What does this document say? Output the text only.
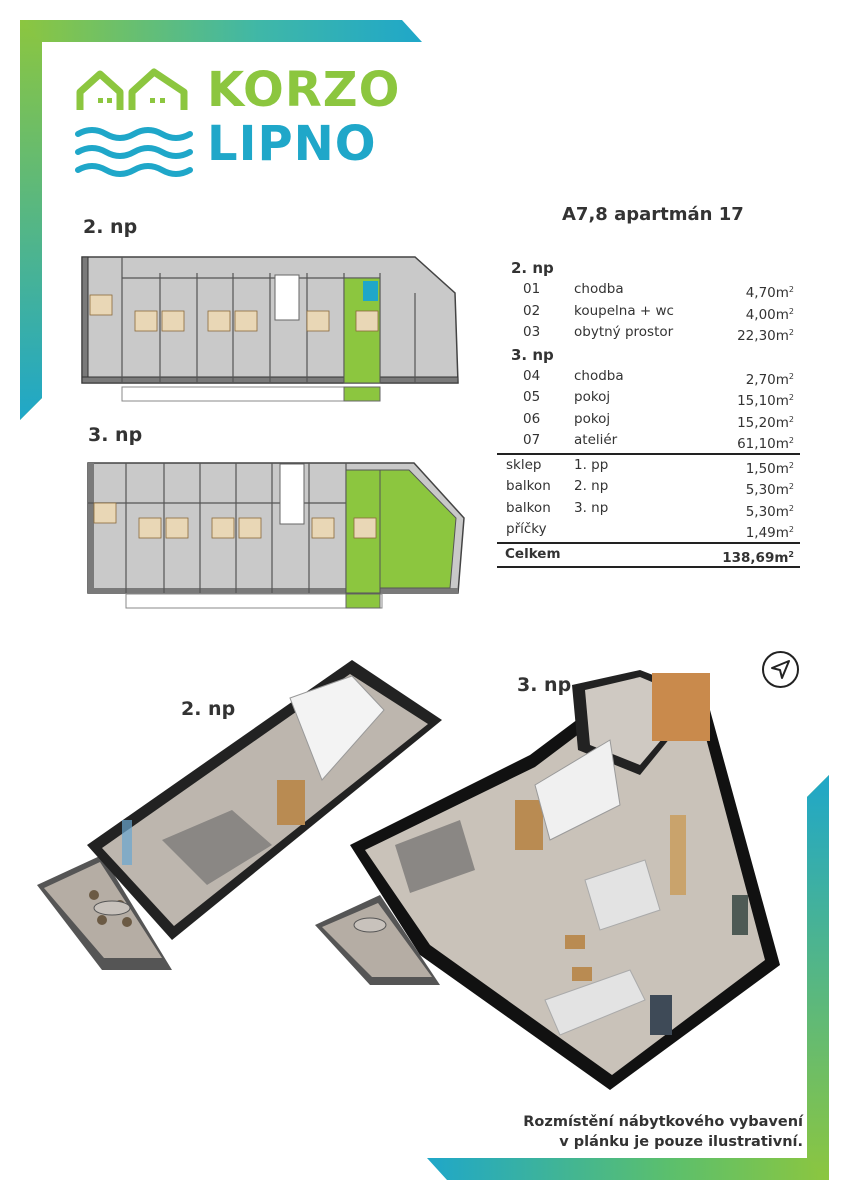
KORZO
LIPNO
2. np
3. np
A7,8 apartmán 17
2. np
01	chodba	$4,70m^2$
02	koupelna + wc	$4,00m^2$
03	obytný prostor	$22,30m^2$
3. np
04	chodba	$2,70m^2$
05	pokoj	$15,10m^2$
06	pokoj	$15,20m^2$
07	ateliér	$61,10m^2$
sklep 1. pp	$1,50m^2$
balkon 2. np	$5,30m^2$
balkon 3. np	$5,30m^2$
příčky	$1,49m^2$
Celkem	$138,69m^2$
2. np
3. np
Rozmístění nábytkového vybavení
v plánku je pouze ilustrativní.
